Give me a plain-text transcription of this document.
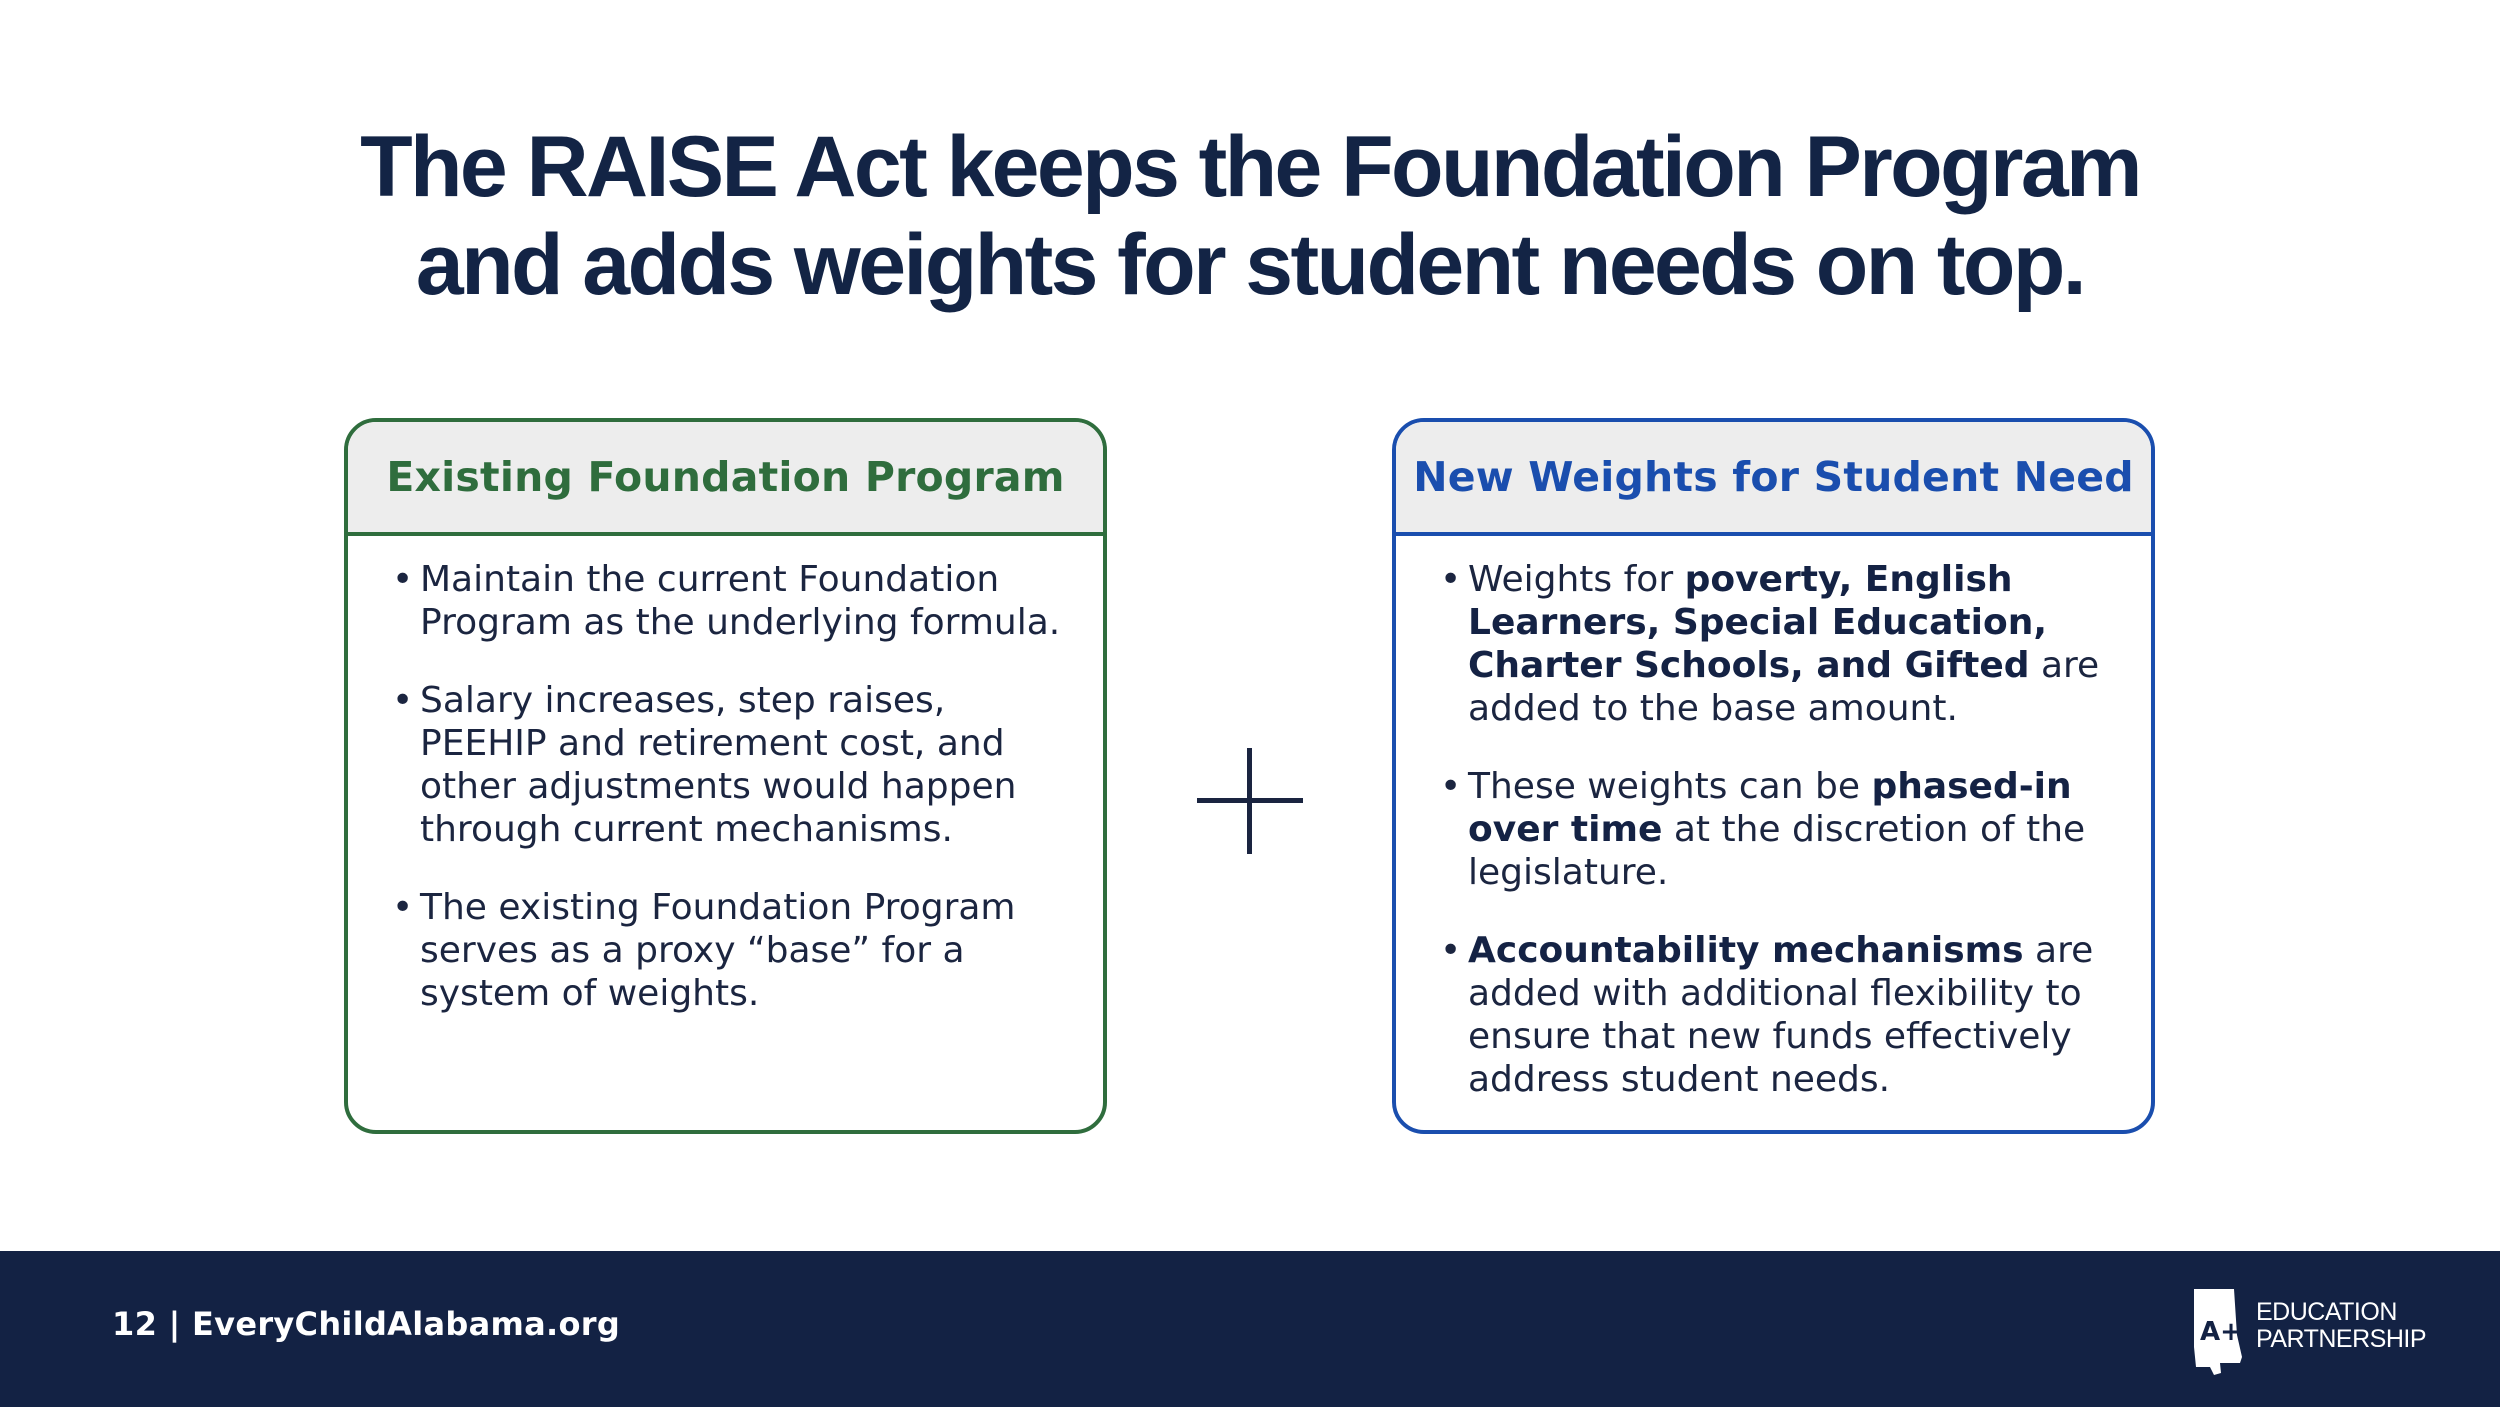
The RAISE Act keeps the Foundation Program
and adds weights for student needs on top.
Existing Foundation Program
• Maintain the current Foundation Program as the underlying formula.
• Salary increases, step raises, PEEHIP and retirement cost, and other adjustments would happen through current mechanisms.
• The existing Foundation Program serves as a proxy “base” for a system of weights.
New Weights for Student Need
• Weights for poverty, English Learners, Special Education, Charter Schools, and Gifted are added to the base amount.
• These weights can be phased-in over time at the discretion of the legislature.
• Accountability mechanisms are added with additional flexibility to ensure that new funds effectively address student needs.
12 | EveryChildAlabama.org	A+
EDUCATION
PARTNERSHIP
